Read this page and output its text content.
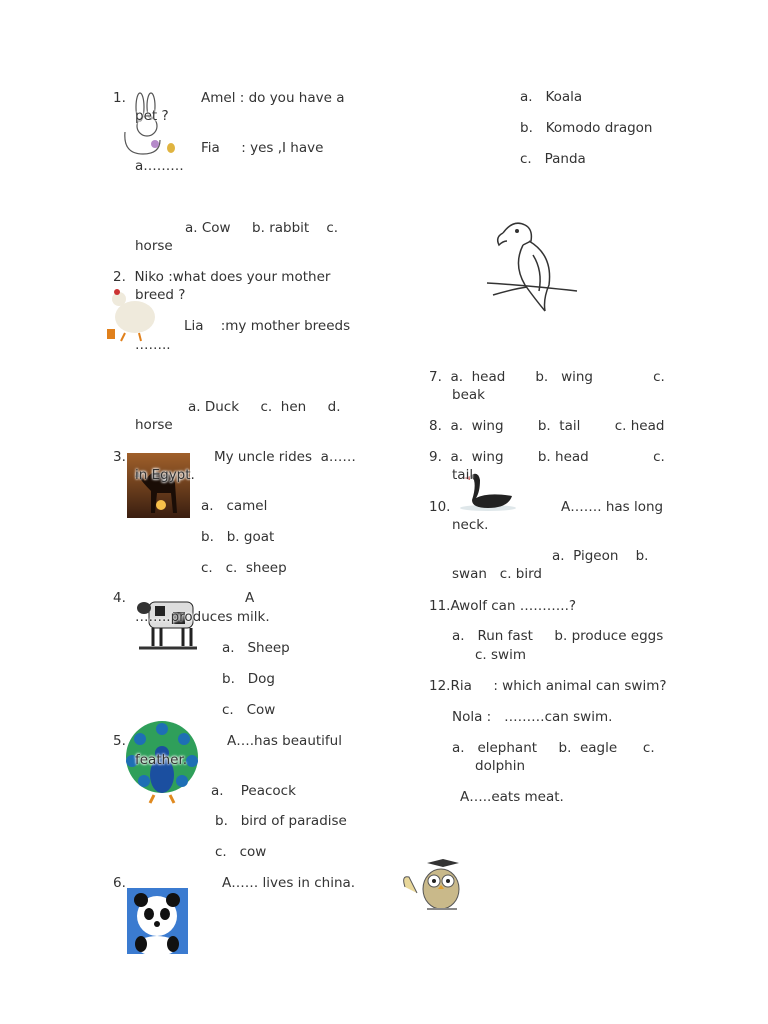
1.	Amel : do you have a
pet ?
Fia     : yes ,I have
a………
a. Cow     b. rabbit    c.
horse
2.  Niko :what does your mother
breed ?
Lia    :my mother breeds
……..
a. Duck     c.  hen     d.
horse
3.	My uncle rides  a……
in Egypt.
a.   camel
b.   b. goat
c.   c.  sheep
4.	A
……..produces milk.
a.   Sheep
b.   Dog
c.   Cow
5.	A….has beautiful
feather.
a.    Peacock
b.   bird of paradise
c.   cow
6.	A…… lives in china.
a.   Koala
b.   Komodo dragon
c.   Panda
7.  a.  head       b.   wing              c.
beak
8.  a.  wing        b.  tail        c. head
9.  a.  wing        b. head               c.
tail
10.	A……. has long
neck.
a.  Pigeon    b.
swan   c. bird
11.Awolf can ………..?
a.   Run fast     b. produce eggs
c. swim
12.Ria     : which animal can swim?
Nola :   ………can swim.
a.   elephant     b.  eagle      c.
dolphin
A…..eats meat.
